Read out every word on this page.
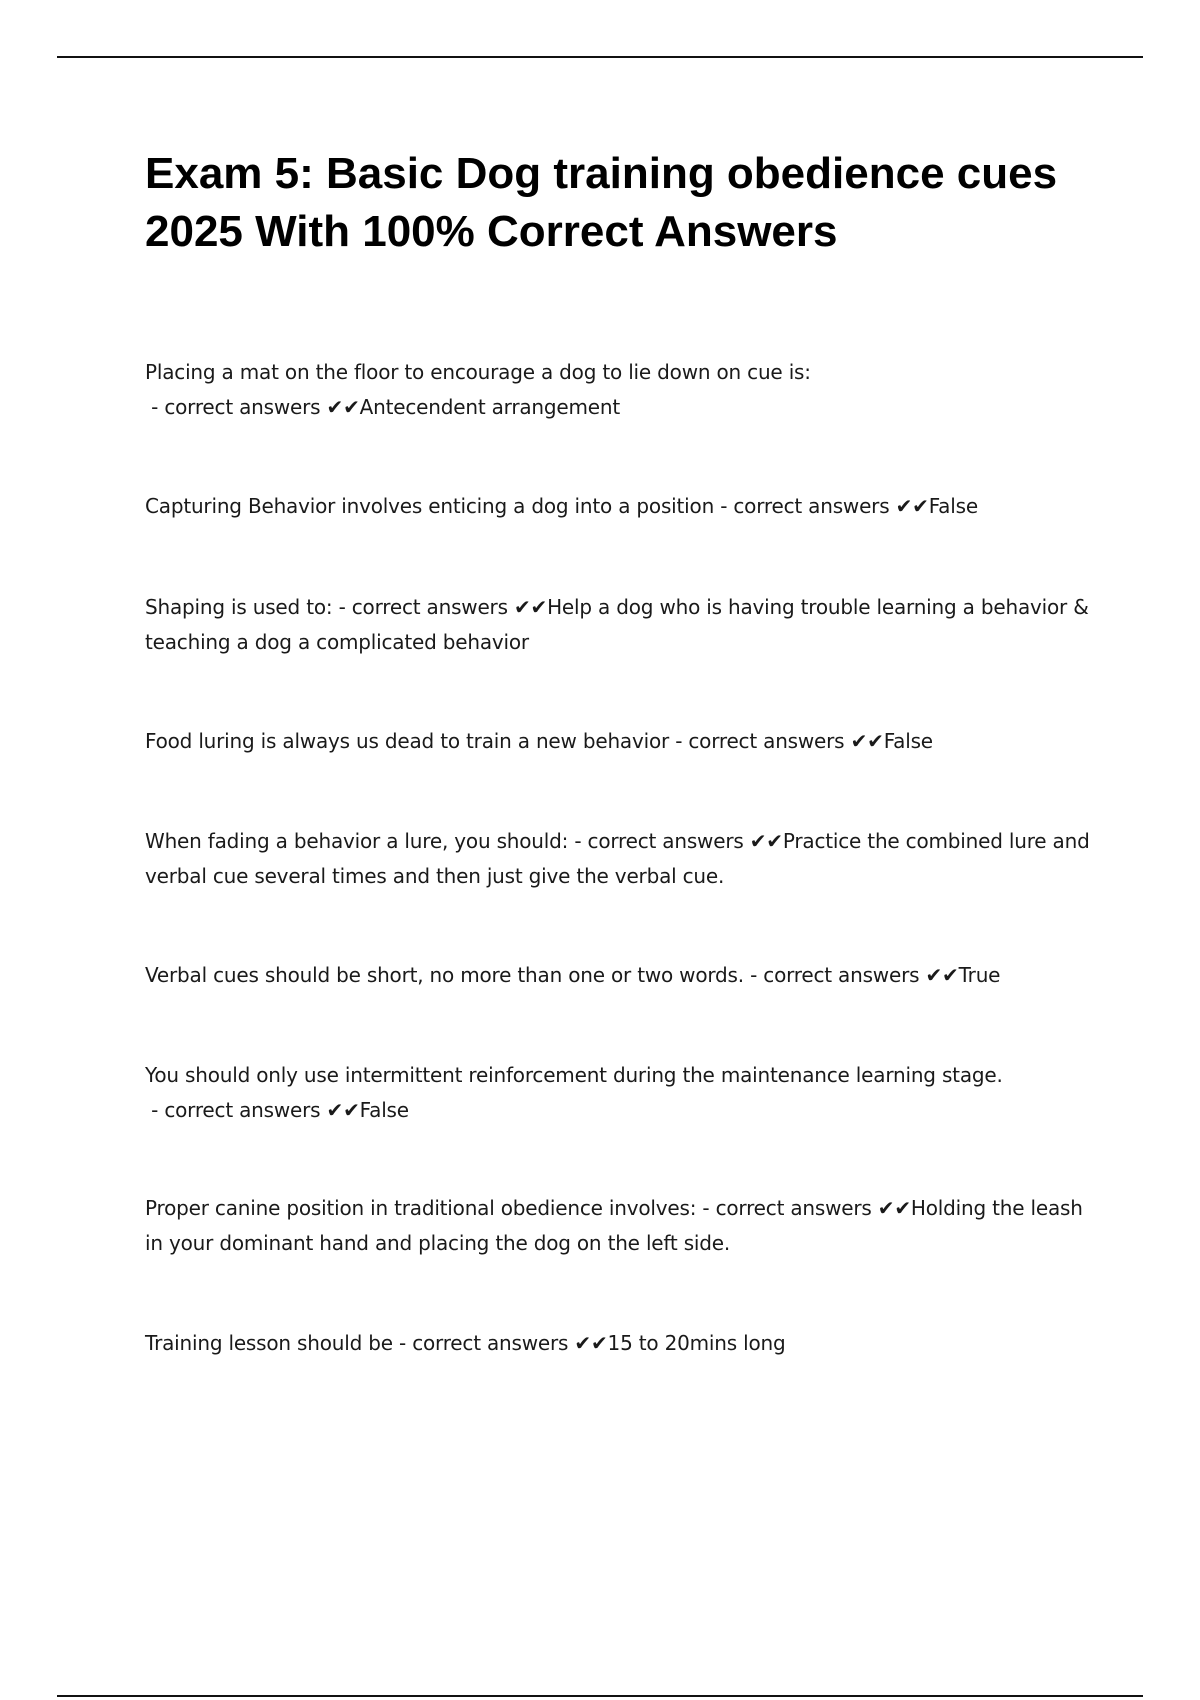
Exam 5: Basic Dog training obedience cues 2025 With 100% Correct Answers
Placing a mat on the floor to encourage a dog to lie down on cue is: - correct answers ✔✔Antecendent arrangement
Capturing Behavior involves enticing a dog into a position - correct answers ✔✔False
Shaping is used to: - correct answers ✔✔Help a dog who is having trouble learning a behavior & teaching a dog a complicated behavior
Food luring is always us dead to train a new behavior - correct answers ✔✔False
When fading a behavior a lure, you should: - correct answers ✔✔Practice the combined lure and verbal cue several times and then just give the verbal cue.
Verbal cues should be short, no more than one or two words. - correct answers ✔✔True
You should only use intermittent reinforcement during the maintenance learning stage. - correct answers ✔✔False
Proper canine position in traditional obedience involves: - correct answers ✔✔Holding the leash in your dominant hand and placing the dog on the left side.
Training lesson should be - correct answers ✔✔15 to 20mins long
